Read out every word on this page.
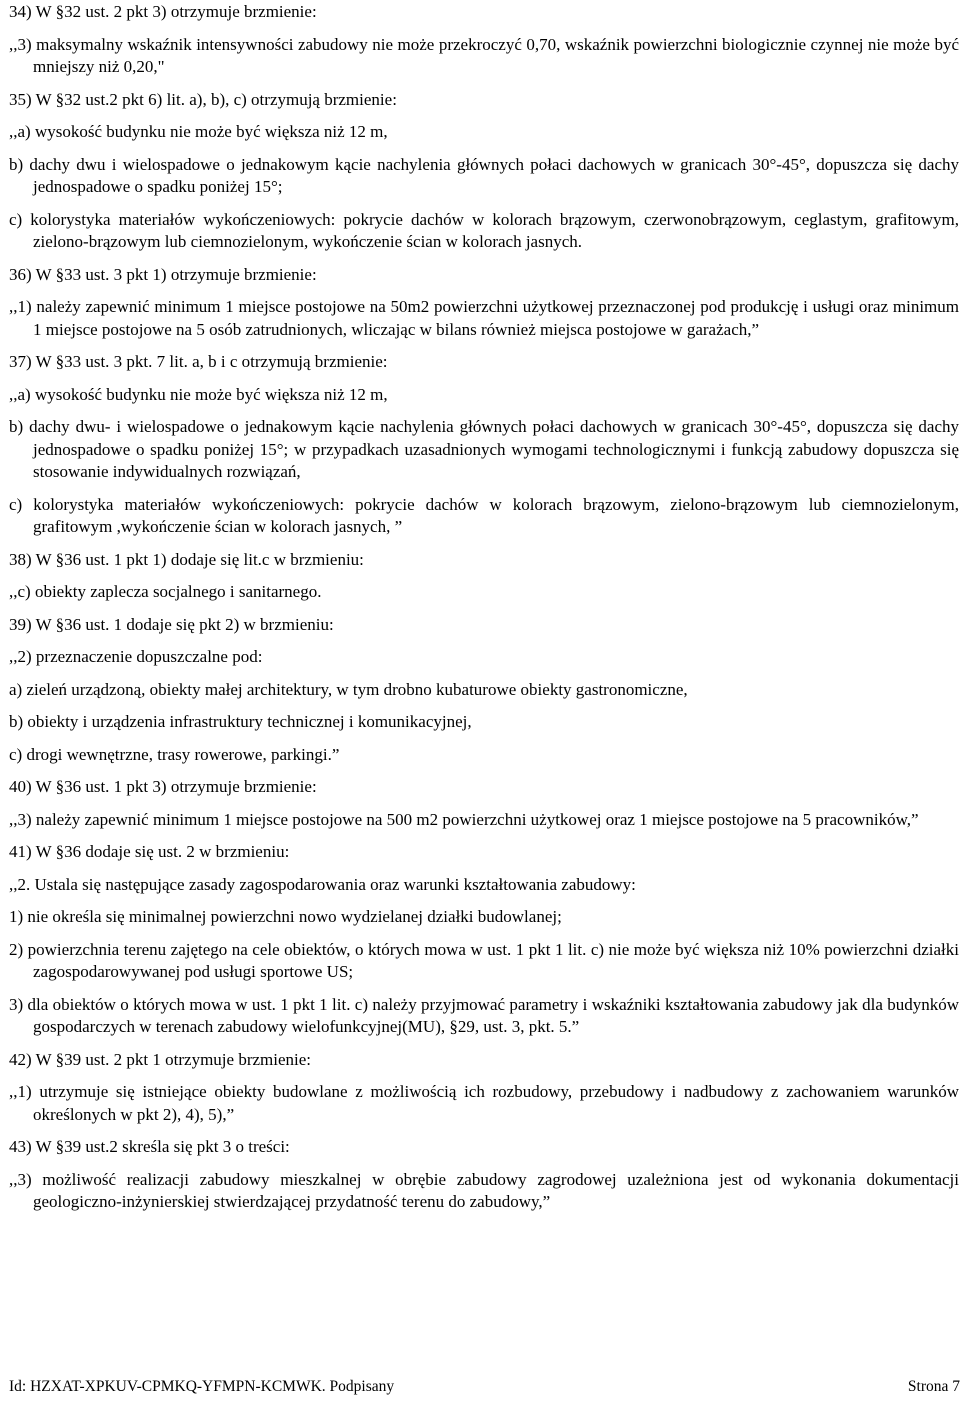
34) W §32 ust. 2 pkt 3) otrzymuje brzmienie:

,,3) maksymalny wskaźnik intensywności zabudowy nie może przekroczyć 0,70, wskaźnik powierzchni biologicznie czynnej nie może być mniejszy niż 0,20,"

35) W §32 ust.2 pkt 6) lit. a), b), c) otrzymują brzmienie:

,,a) wysokość budynku nie może być większa niż 12 m,

b) dachy dwu i wielospadowe o jednakowym kącie nachylenia głównych połaci dachowych w granicach 30°-45°, dopuszcza się dachy jednospadowe o spadku poniżej 15°;

c) kolorystyka materiałów wykończeniowych: pokrycie dachów w kolorach brązowym, czerwonobrązowym, ceglastym, grafitowym, zielono-brązowym lub ciemnozielonym, wykończenie ścian w kolorach jasnych.

36) W §33 ust. 3 pkt 1) otrzymuje brzmienie:

,,1) należy zapewnić minimum 1 miejsce postojowe na 50m2 powierzchni użytkowej przeznaczonej pod produkcję i usługi oraz minimum 1 miejsce postojowe na 5 osób zatrudnionych, wliczając w bilans również miejsca postojowe w garażach,”

37) W §33 ust. 3 pkt. 7 lit. a, b i c otrzymują brzmienie:

,,a) wysokość budynku nie może być większa niż 12 m,

b) dachy dwu- i wielospadowe o jednakowym kącie nachylenia głównych połaci dachowych w granicach 30°-45°, dopuszcza się dachy jednospadowe o spadku poniżej 15°; w przypadkach uzasadnionych wymogami technologicznymi i funkcją zabudowy dopuszcza się stosowanie indywidualnych rozwiązań,

c) kolorystyka materiałów wykończeniowych: pokrycie dachów w kolorach brązowym, zielono-brązowym lub ciemnozielonym, grafitowym ,wykończenie ścian w kolorach jasnych, ”

38) W §36 ust. 1 pkt 1) dodaje się lit.c w brzmieniu:

,,c) obiekty zaplecza socjalnego i sanitarnego.

39) W §36 ust. 1 dodaje się pkt 2) w brzmieniu:

,,2) przeznaczenie dopuszczalne pod:

a) zieleń urządzoną, obiekty małej architektury, w tym drobno kubaturowe obiekty gastronomiczne,

b) obiekty i urządzenia infrastruktury technicznej i komunikacyjnej,

c) drogi wewnętrzne, trasy rowerowe, parkingi.”

40) W §36 ust. 1 pkt 3) otrzymuje brzmienie:

,,3) należy zapewnić minimum 1 miejsce postojowe na 500 m2 powierzchni użytkowej oraz 1 miejsce postojowe na 5 pracowników,”

41) W §36 dodaje się ust. 2 w brzmieniu:

,,2. Ustala się następujące zasady zagospodarowania oraz warunki kształtowania zabudowy:

1) nie określa się minimalnej powierzchni nowo wydzielanej działki budowlanej;

2) powierzchnia terenu zajętego na cele obiektów, o których mowa w ust. 1 pkt 1 lit. c) nie może być większa niż 10% powierzchni działki zagospodarowywanej pod usługi sportowe US;

3) dla obiektów o których mowa w ust. 1 pkt 1 lit. c) należy przyjmować parametry i wskaźniki kształtowania zabudowy jak dla budynków gospodarczych w terenach zabudowy wielofunkcyjnej(MU), §29, ust. 3, pkt. 5.”

42) W §39 ust. 2 pkt 1 otrzymuje brzmienie:

,,1) utrzymuje się istniejące obiekty budowlane z możliwością ich rozbudowy, przebudowy i nadbudowy z zachowaniem warunków określonych w pkt 2), 4), 5),”

43) W §39 ust.2 skreśla się pkt 3 o treści:

,,3) możliwość realizacji zabudowy mieszkalnej w obrębie zabudowy zagrodowej uzależniona jest od wykonania dokumentacji geologiczno-inżynierskiej stwierdzającej przydatność terenu do zabudowy,”

Id: HZXAT-XPKUV-CPMKQ-YFMPN-KCMWK. Podpisany	Strona 7
